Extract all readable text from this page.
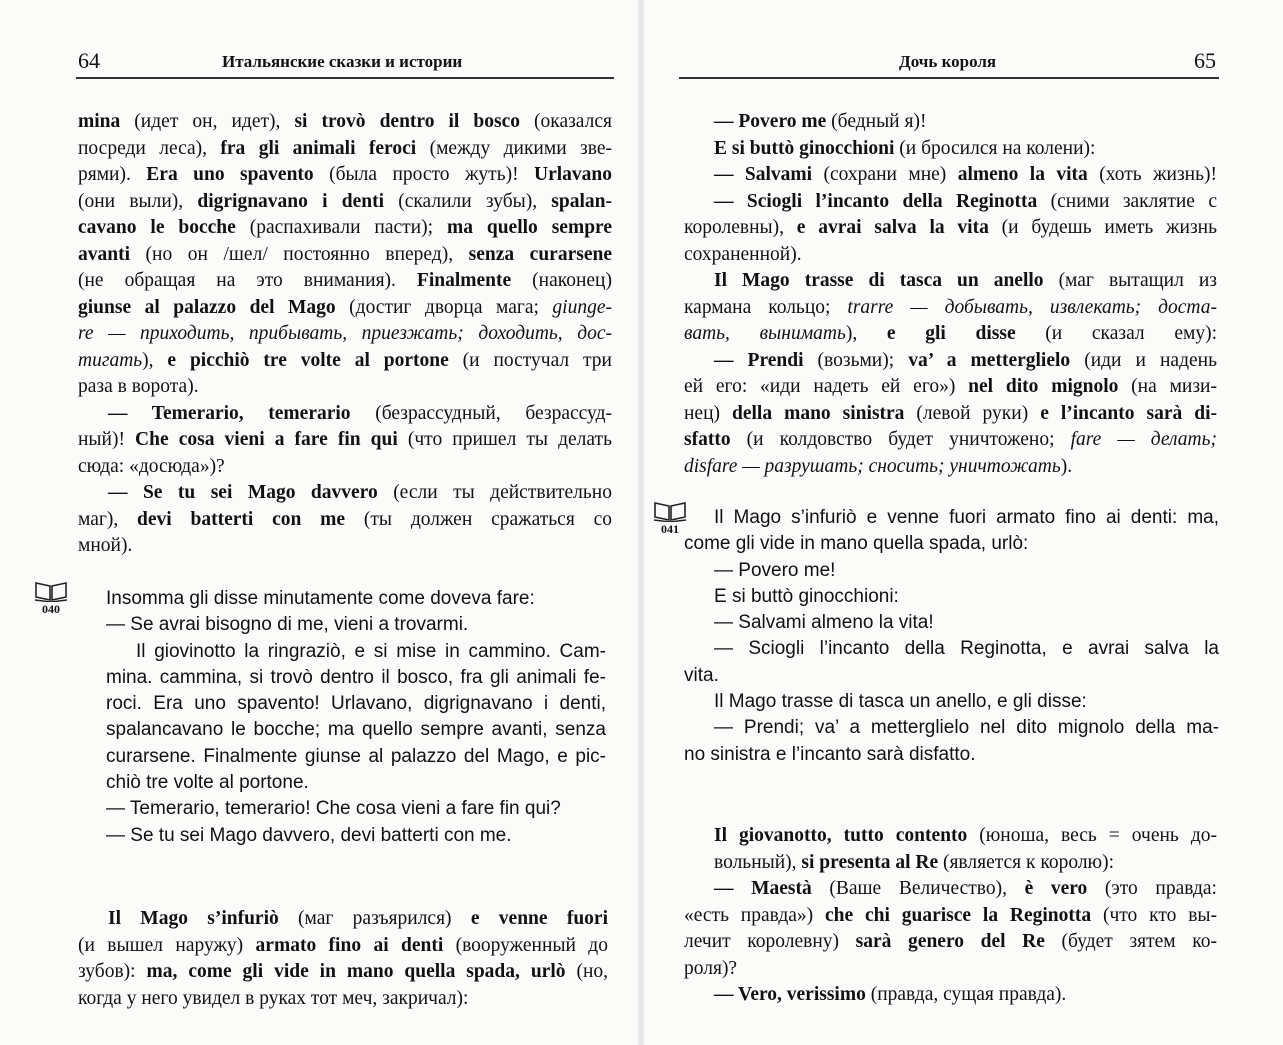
64	Итальянские сказки и истории
mina (идет он, идет), si trovò dentro il bosco (оказался
посреди леса), fra gli animali feroci (между дикими зве-
рями). Era uno spavento (была просто жуть)! Urlavano
(они выли), digrignavano i denti (скалили зубы), spalan-
cavano le bocche (распахивали пасти); ma quello sempre
avanti (но он /шел/ постоянно вперед), senza curarsene
(не обращая на это внимания). Finalmente (наконец)
giunse al palazzo del Mago (достиг дворца мага; giunge-
re — приходить, прибывать, приезжать; доходить, дос-
тигать), e picchiò tre volte al portone (и постучал три
раза в ворота).
— Temerario, temerario (безрассудный, безрассуд-
ный)! Che cosa vieni a fare fin qui (что пришел ты делать
сюда: «досюда»)?
— Se tu sei Mago davvero (если ты действительно
маг), devi batterti con me (ты должен сражаться со
мной).
040	Insomma gli disse minutamente come doveva fare:
— Se avrai bisogno di me, vieni a trovarmi.
Il giovinotto la ringraziò, e si mise in cammino. Cam-
mina. cammina, si trovò dentro il bosco, fra gli animali fe-
roci. Era uno spavento! Urlavano, digrignavano i denti,
spalancavano le bocche; ma quello sempre avanti, senza
curarsene. Finalmente giunse al palazzo del Mago, e pic-
chiò tre volte al portone.
— Temerario, temerario! Che cosa vieni a fare fin qui?
— Se tu sei Mago davvero, devi batterti con me.
Il Mago s’infuriò (маг разъярился) e venne fuori
(и вышел наружу) armato fino ai denti (вооруженный до
зубов): ma, come gli vide in mano quella spada, urlò (но,
когда у него увидел в руках тот меч, закричал):
Дочь короля	65
— Povero me (бедный я)!
E si buttò ginocchioni (и бросился на колени):
— Salvami (сохрани мне) almeno la vita (хоть жизнь)!
— Sciogli l’incanto della Reginotta (сними заклятие с
королевны), e avrai salva la vita (и будешь иметь жизнь
сохраненной).
Il Mago trasse di tasca un anello (маг вытащил из
кармана кольцо; trarre — добывать, извлекать; доста-
вать, вынимать), e gli disse (и сказал ему):
— Prendi (возьми); va’ a metterglielo (иди и надень
ей его: «иди надеть ей его») nel dito mignolo (на мизи-
нец) della mano sinistra (левой руки) e l’incanto sarà di-
sfatto (и колдовство будет уничтожено; fare — делать;
disfare — разрушать; сносить; уничтожать).
041
Il Mago s’infuriò e venne fuori armato fino ai denti: ma,
come gli vide in mano quella spada, urlò:
— Povero me!
E si buttò ginocchioni:
— Salvami almeno la vita!
— Sciogli l’incanto della Reginotta, e avrai salva la
vita.
Il Mago trasse di tasca un anello, e gli disse:
— Prendi; va’ a metterglielo nel dito mignolo della ma-
no sinistra e l’incanto sarà disfatto.
Il giovanotto, tutto contento (юноша, весь = очень до-
вольный), si presenta al Re (является к королю):
— Maestà (Ваше Величество), è vero (это правда:
«есть правда») che chi guarisce la Reginotta (что кто вы-
лечит королевну) sarà genero del Re (будет зятем ко-
роля)?
— Vero, verissimo (правда, сущая правда).
